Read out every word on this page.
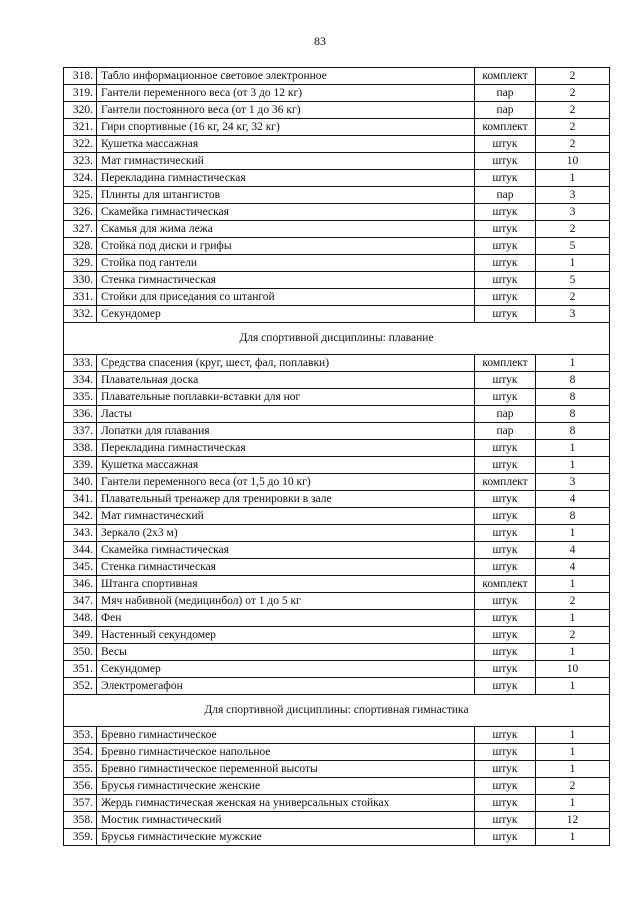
83
318.	Табло информационное световое электронное	комплект	2
319.	Гантели переменного веса (от 3 до 12 кг)	пар	2
320.	Гантели постоянного веса (от 1 до 36 кг)	пар	2
321.	Гири спортивные (16 кг, 24 кг, 32 кг)	комплект	2
322.	Кушетка массажная	штук	2
323.	Мат гимнастический	штук	10
324.	Перекладина гимнастическая	штук	1
325.	Плинты для штангистов	пар	3
326.	Скамейка гимнастическая	штук	3
327.	Скамья для жима лежа	штук	2
328.	Стойка под диски и грифы	штук	5
329.	Стойка под гантели	штук	1
330.	Стенка гимнастическая	штук	5
331.	Стойки для приседания со штангой	штук	2
332.	Секундомер	штук	3
Для спортивной дисциплины: плавание			
333.	Средства спасения (круг, шест, фал, поплавки)	комплект	1
334.	Плавательная доска	штук	8
335.	Плавательные поплавки-вставки для ног	штук	8
336.	Ласты	пар	8
337.	Лопатки для плавания	пар	8
338.	Перекладина гимнастическая	штук	1
339.	Кушетка массажная	штук	1
340.	Гантели переменного веса (от 1,5 до 10 кг)	комплект	3
341.	Плавательный тренажер для тренировки в зале	штук	4
342.	Мат гимнастический	штук	8
343.	Зеркало (2х3 м)	штук	1
344.	Скамейка гимнастическая	штук	4
345.	Стенка гимнастическая	штук	4
346.	Штанга спортивная	комплект	1
347.	Мяч набивной (медицинбол) от 1 до 5 кг	штук	2
348.	Фен	штук	1
349.	Настенный секундомер	штук	2
350.	Весы	штук	1
351.	Секундомер	штук	10
352.	Электромегафон	штук	1
Для спортивной дисциплины: спортивная гимнастика			
353.	Бревно гимнастическое	штук	1
354.	Бревно гимнастическое напольное	штук	1
355.	Бревно гимнастическое переменной высоты	штук	1
356.	Брусья гимнастические женские	штук	2
357.	Жердь гимнастическая женская на универсальных стойках	штук	1
358.	Мостик гимнастический	штук	12
359.	Брусья гимнастические мужские	штук	1
